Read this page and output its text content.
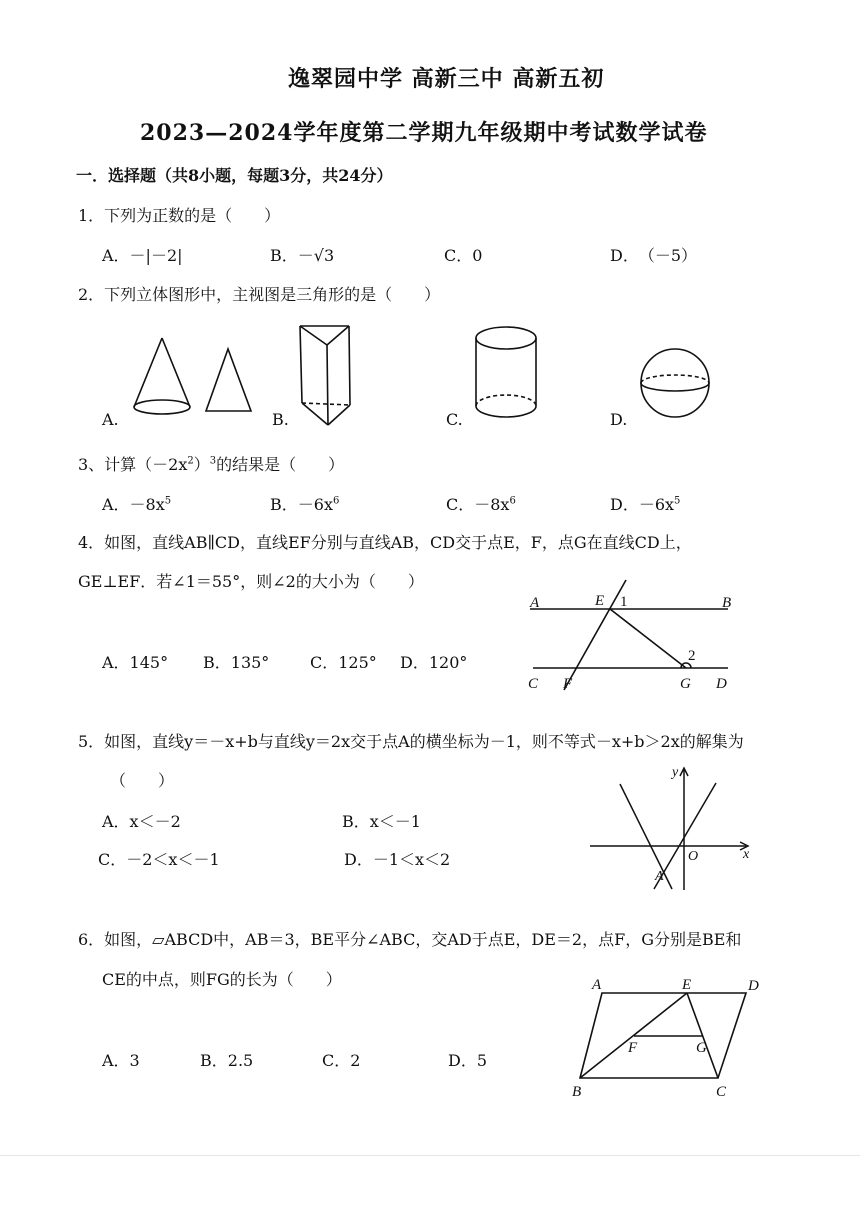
逸翠园中学 高新三中 高新五初
2023—2024学年度第二学期九年级期中考试数学试卷
一．选择题（共8小题，每题3分，共24分）
1．下列为正数的是（　　）
A．－|－2|	B．－√3	C．0	D．　（－5）
2．下列立体图形中，主视图是三角形的是（　　）
A.	B.	C.	D.
3、计算$(-2x^2)^3$的结果是（　　）
A．$-8x^5$	B．$-6x^6$	C．$-8x^6$	D．$-6x^5$
4．如图，直线AB∥CD，直线EF分别与直线AB，CD交于点E，F，点G在直线CD上，
GE⊥EF．若∠1＝55°，则∠2的大小为（　　）
A．145° B．135°	C．125° D．120°
A	E 1	B
2
C F	G D
5．如图，直线y＝－x+b与直线y＝2x交于点A的横坐标为－1，则不等式－x+b＞2x的解集为
（　　）
A．x＜－2	B．x＜－1
C．－2＜x＜－1	D．－1＜x＜2
y
x
O
A
6．如图，▱ABCD中，AB＝3，BE平分∠ABC，交AD于点E，DE＝2，点F，G分别是BE和
CE的中点，则FG的长为（　　）
A．3	B．2.5	C．2	D．5
A	E	D
F	G
B	C
